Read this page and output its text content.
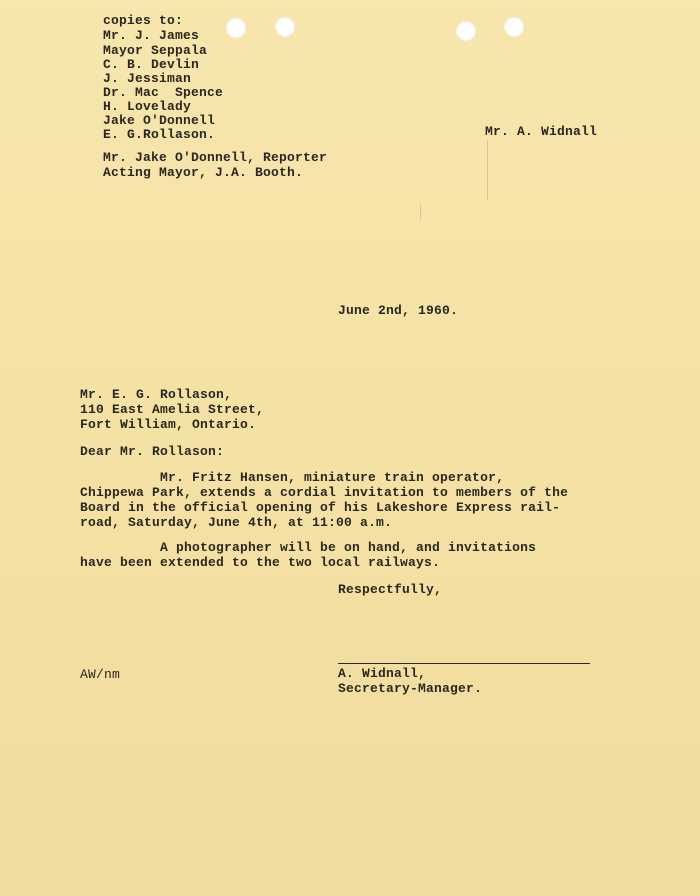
copies to:
Mr. J. James
Mayor Seppala
C. B. Devlin
J. Jessiman
Dr. Mac  Spence
H. Lovelady
Jake O'Donnell
E. G.Rollason.
Mr. Jake O'Donnell, Reporter
Acting Mayor, J.A. Booth.
Mr. A. Widnall
June 2nd, 1960.
Mr. E. G. Rollason,
110 East Amelia Street,
Fort William, Ontario.
Dear Mr. Rollason:
Mr. Fritz Hansen, miniature train operator,
Chippewa Park, extends a cordial invitation to members of the
Board in the official opening of his Lakeshore Express rail-
road, Saturday, June 4th, at 11:00 a.m.
A photographer will be on hand, and invitations
have been extended to the two local railways.
Respectfully,
AW/nm	A. Widnall,
Secretary-Manager.
